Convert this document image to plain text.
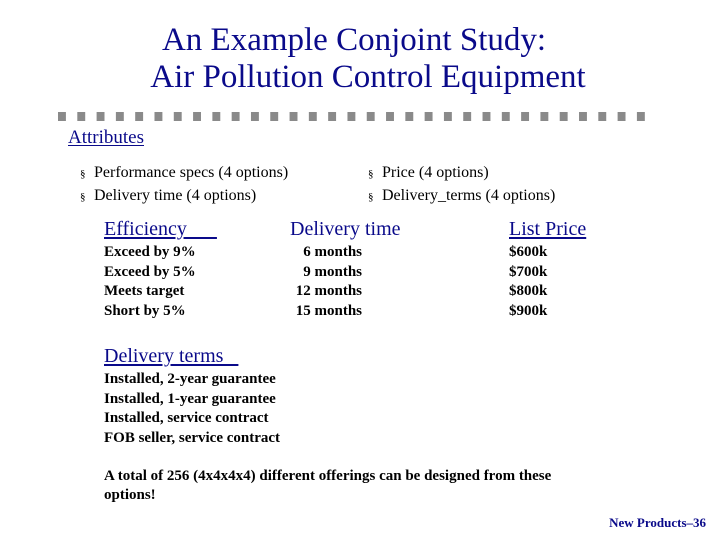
An Example Conjoint Study:
Air Pollution Control Equipment
Attributes
§ Performance specs (4 options)
§ Delivery time (4 options)
§ Price (4 options)
§ Delivery_terms (4 options)
Efficiency
Exceed by 9%
Exceed by 5%
Meets target
Short by 5%
Delivery time
6 months
9 months
12 months
15 months
List Price
$600k
$700k
$800k
$900k
Delivery terms
Installed, 2-year guarantee
Installed, 1-year guarantee
Installed, service contract
FOB seller, service contract
A total of 256 (4x4x4x4) different offerings can be designed from these options!
New Products–36
